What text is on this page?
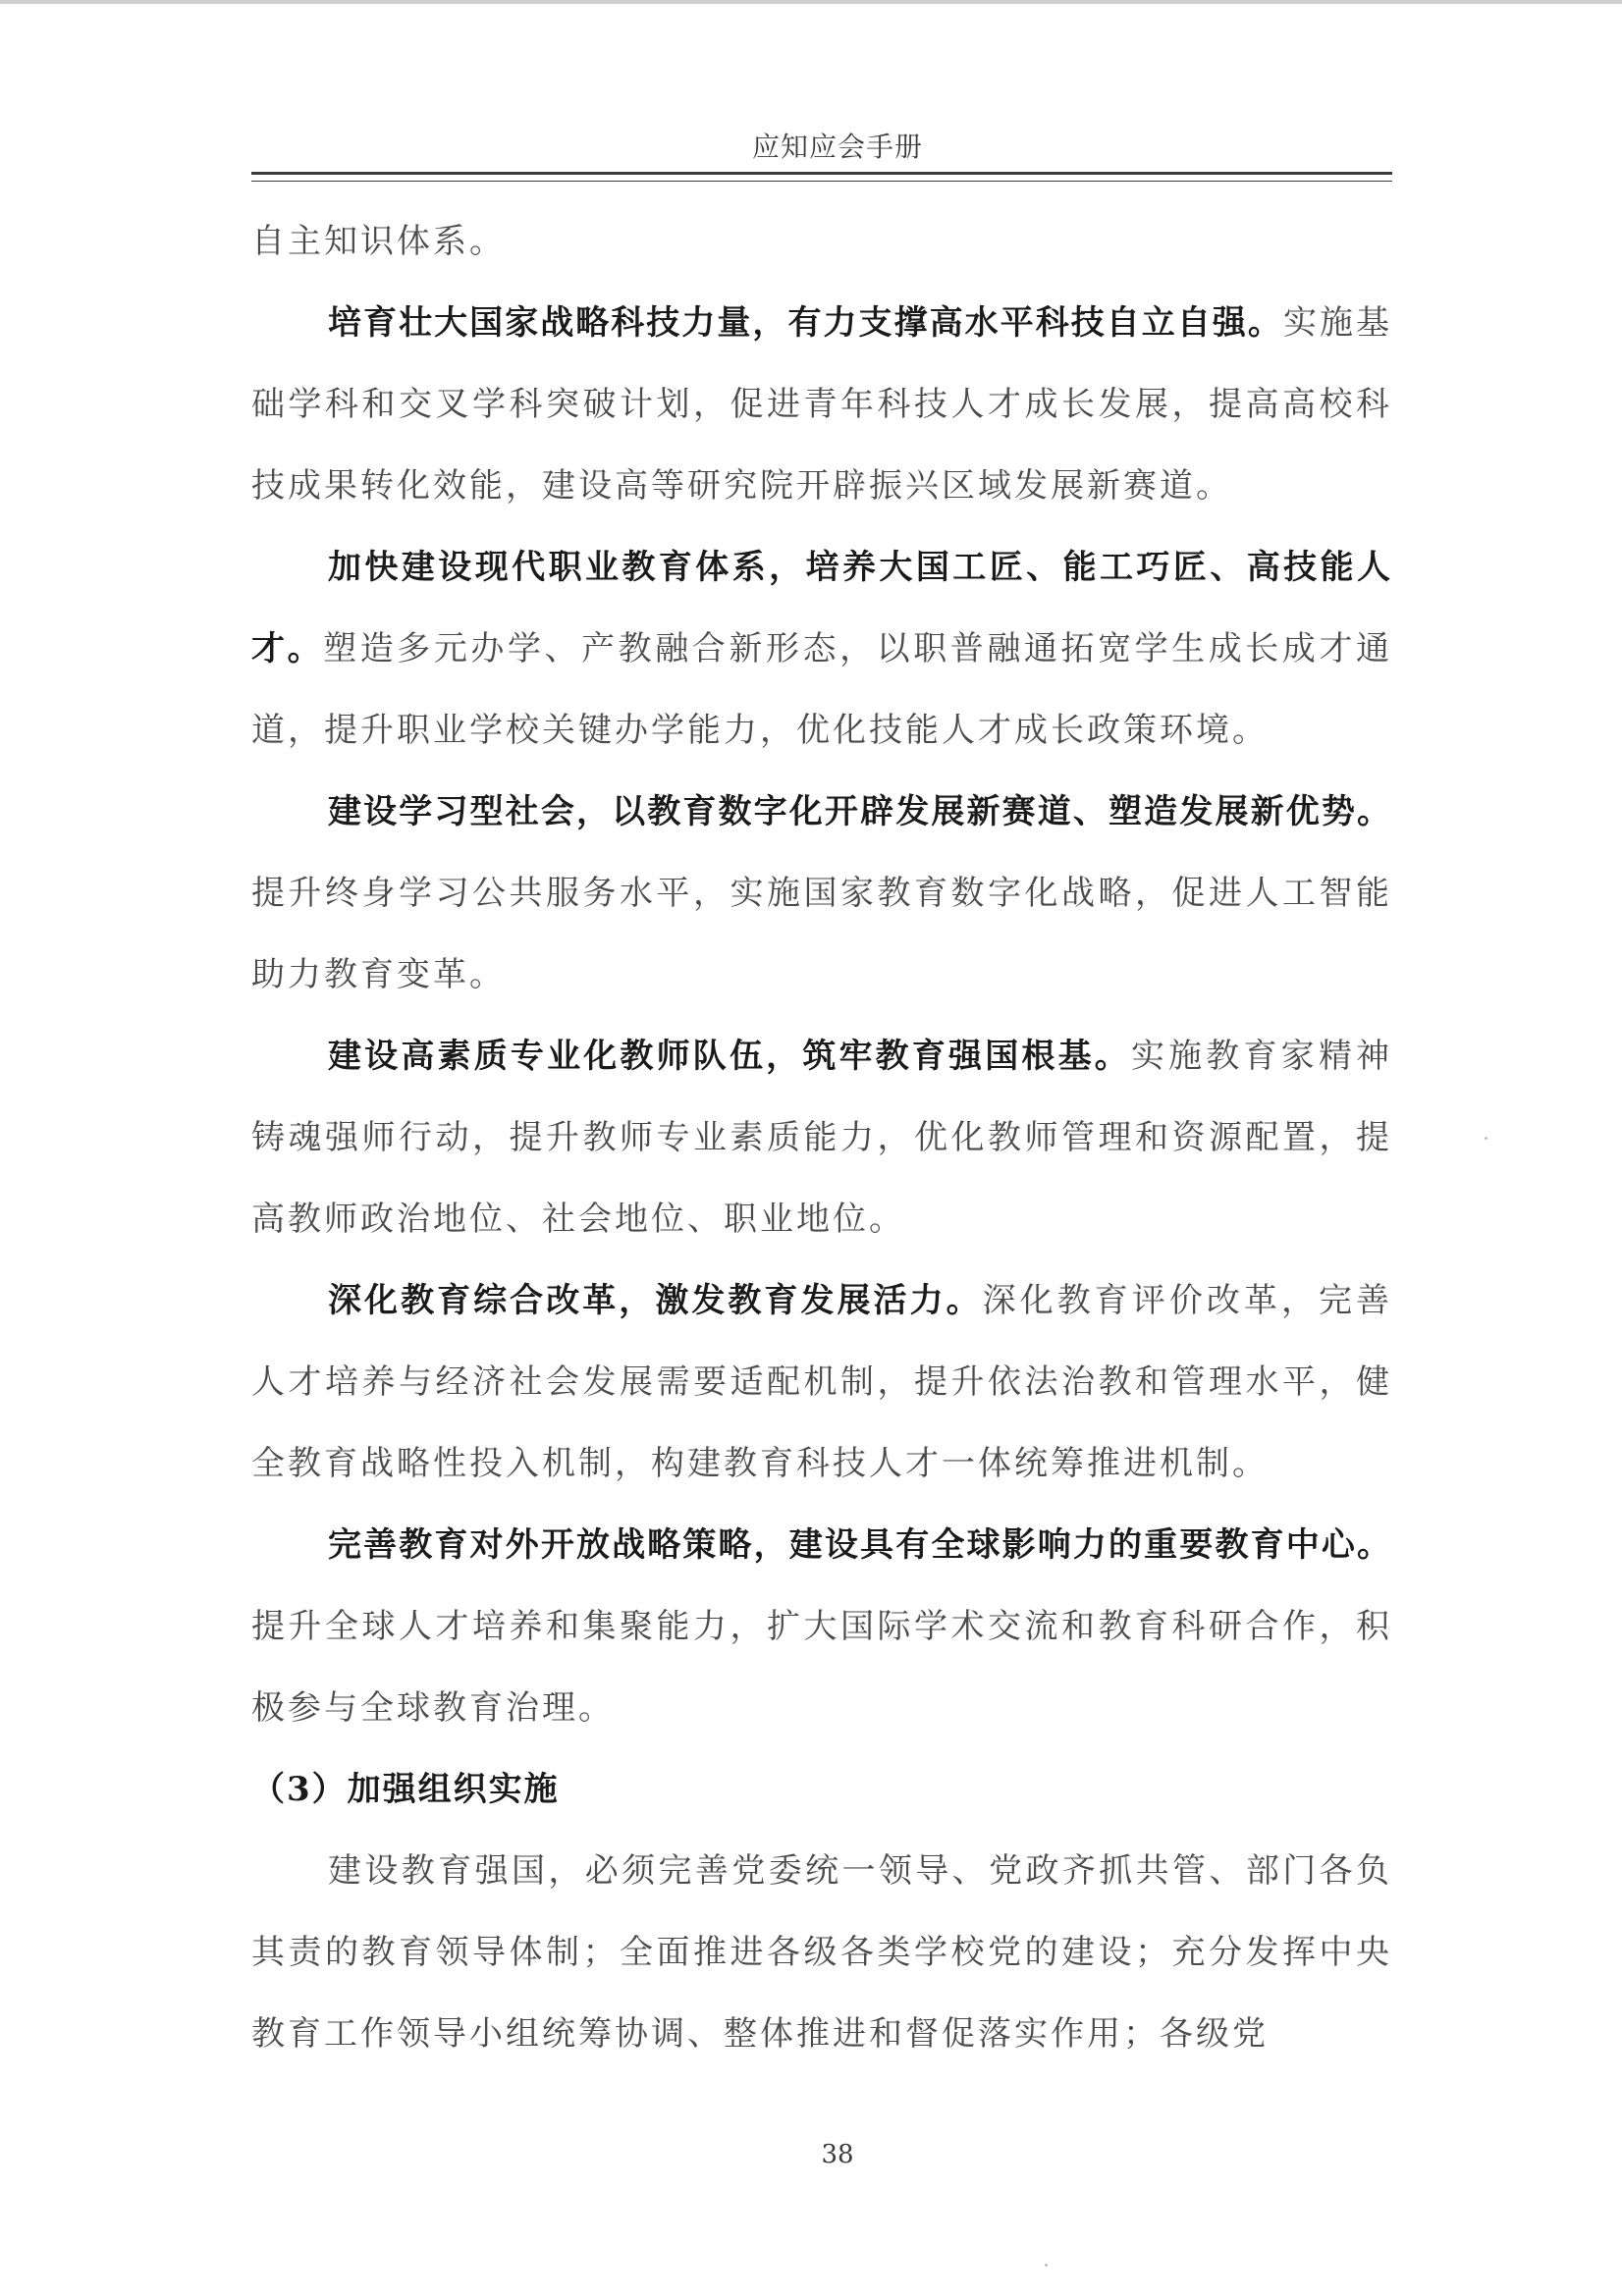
应知应会手册

自主知识体系。

培育壮大国家战略科技力量，有力支撑高水平科技自立自强。实施基础学科和交叉学科突破计划，促进青年科技人才成长发展，提高高校科技成果转化效能，建设高等研究院开辟振兴区域发展新赛道。

加快建设现代职业教育体系，培养大国工匠、能工巧匠、高技能人才。塑造多元办学、产教融合新形态，以职普融通拓宽学生成长成才通道，提升职业学校关键办学能力，优化技能人才成长政策环境。

建设学习型社会，以教育数字化开辟发展新赛道、塑造发展新优势。提升终身学习公共服务水平，实施国家教育数字化战略，促进人工智能助力教育变革。

建设高素质专业化教师队伍，筑牢教育强国根基。实施教育家精神铸魂强师行动，提升教师专业素质能力，优化教师管理和资源配置，提高教师政治地位、社会地位、职业地位。

深化教育综合改革，激发教育发展活力。深化教育评价改革，完善人才培养与经济社会发展需要适配机制，提升依法治教和管理水平，健全教育战略性投入机制，构建教育科技人才一体统筹推进机制。

完善教育对外开放战略策略，建设具有全球影响力的重要教育中心。提升全球人才培养和集聚能力，扩大国际学术交流和教育科研合作，积极参与全球教育治理。

（3）加强组织实施

建设教育强国，必须完善党委统一领导、党政齐抓共管、部门各负其责的教育领导体制；全面推进各级各类学校党的建设；充分发挥中央教育工作领导小组统筹协调、整体推进和督促落实作用；各级党

38
